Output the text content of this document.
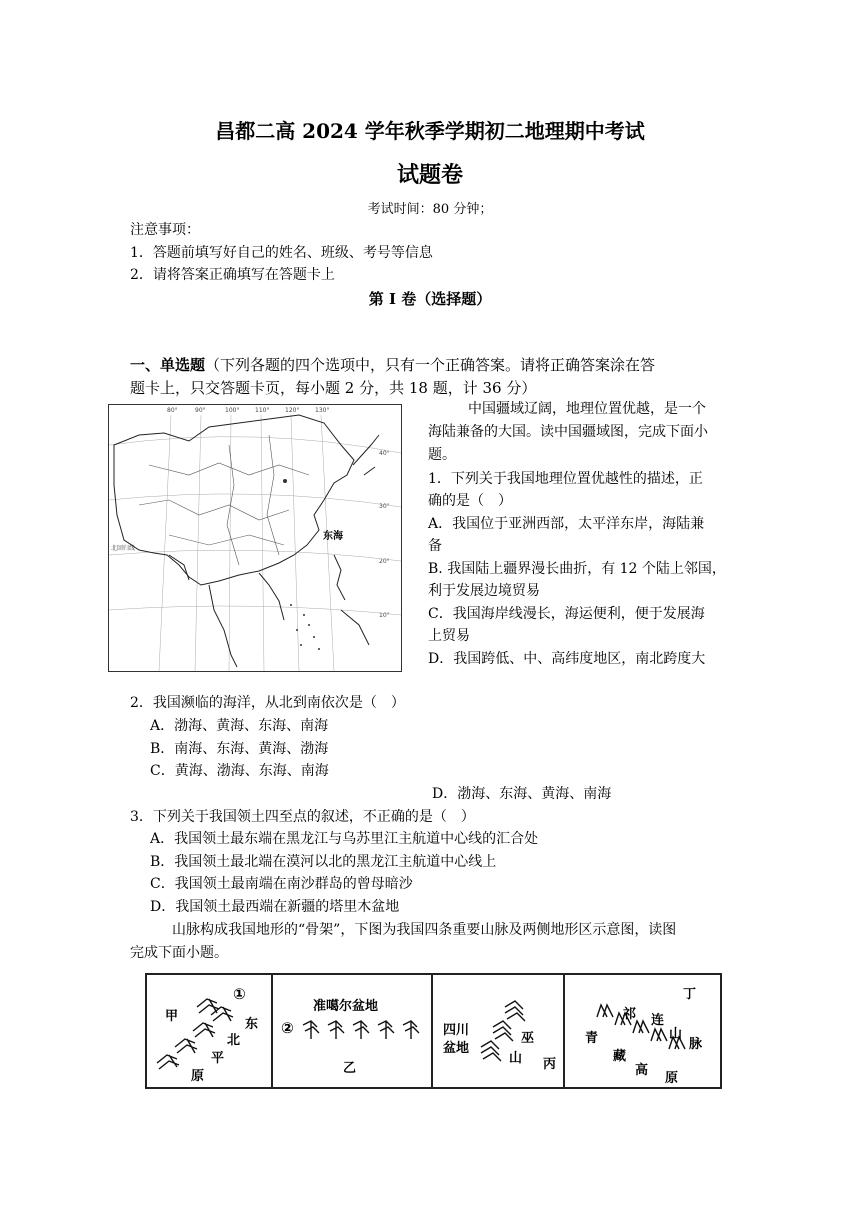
昌都二高 2024 学年秋季学期初二地理期中考试
试题卷
考试时间：80 分钟；
注意事项：
1．答题前填写好自己的姓名、班级、考号等信息
2．请将答案正确填写在答题卡上
第 I 卷（选择题）
一、单选题（下列各题的四个选项中，只有一个正确答案。请将正确答案涂在答
题卡上，只交答题卡页，每小题 2 分，共 18 题，计 36 分）
80°	90°	100°	110°	120°	130°
40°
30°
20°
10°
北回归线
东海
中国疆域辽阔，地理位置优越，是一个
海陆兼备的大国。读中国疆域图，完成下面小
题。
1．下列关于我国地理位置优越性的描述，正
确的是（　）
A．我国位于亚洲西部，太平洋东岸，海陆兼
备
B. 我国陆上疆界漫长曲折，有 12 个陆上邻国，
利于发展边境贸易
C．我国海岸线漫长，海运便利，便于发展海
上贸易
D．我国跨低、中、高纬度地区，南北跨度大
2．我国濒临的海洋，从北到南依次是（　）
A．渤海、黄海、东海、南海
B．南海、东海、黄海、渤海
C．黄海、渤海、东海、南海
D．渤海、东海、黄海、南海
3．下列关于我国领土四至点的叙述，不正确的是（　）
A．我国领土最东端在黑龙江与乌苏里江主航道中心线的汇合处
B．我国领土最北端在漠河以北的黑龙江主航道中心线上
C．我国领土最南端在南沙群岛的曾母暗沙
D．我国领土最西端在新疆的塔里木盆地
山脉构成我国地形的“骨架”，下图为我国四条重要山脉及两侧地形区示意图，读图
完成下面小题。
甲
①
东
北
平
原
准噶尔盆地
②
乙
四川
盆地
巫
山 丙
丁
祁 连
山
脉
青
藏
高
原
